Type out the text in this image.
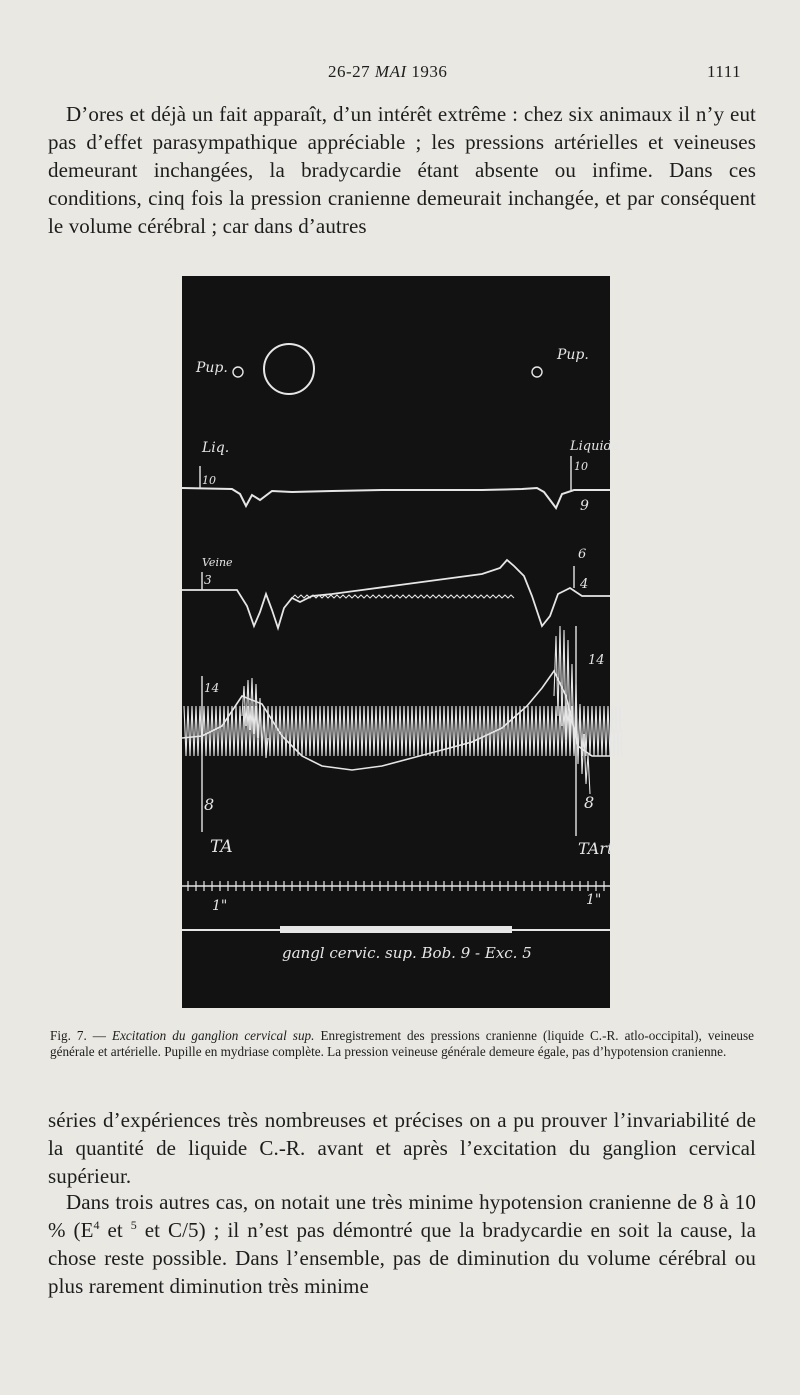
26-27 MAI 1936	1111

D’ores et déjà un fait apparaît, d’un intérêt extrême : chez six animaux il n’y eut pas d’effet parasympathique appréciable ; les pressions artérielles et veineuses demeurant inchangées, la bradycardie étant absente ou infime. Dans ces conditions, cinq fois la pression cranienne demeurait inchangée, et par conséquent le volume cérébral ; car dans d’autres

Pup.
Pup.
Liq.	Liquide
10
10
9
Veine
3
6
4
14
14
8	8
TA	TArt
1"	1"
gangl cervic. sup. Bob. 9 - Exc. 5

Fig. 7. — Excitation du ganglion cervical sup. Enregistrement des pressions cranienne (liquide C.-R. atlo-occipital), veineuse générale et artérielle. Pupille en mydriase complète. La pression veineuse générale demeure égale, pas d’hypotension cranienne.

séries d’expériences très nombreuses et précises on a pu prouver l’invariabilité de la quantité de liquide C.-R. avant et après l’excitation du ganglion cervical supérieur.

Dans trois autres cas, on notait une très minime hypotension cranienne de 8 à 10 % ($E^4$ et $^5$ et C/5) ; il n’est pas démontré que la bradycardie en soit la cause, la chose reste possible. Dans l’ensemble, pas de diminution du volume cérébral ou plus rarement diminution très minime
